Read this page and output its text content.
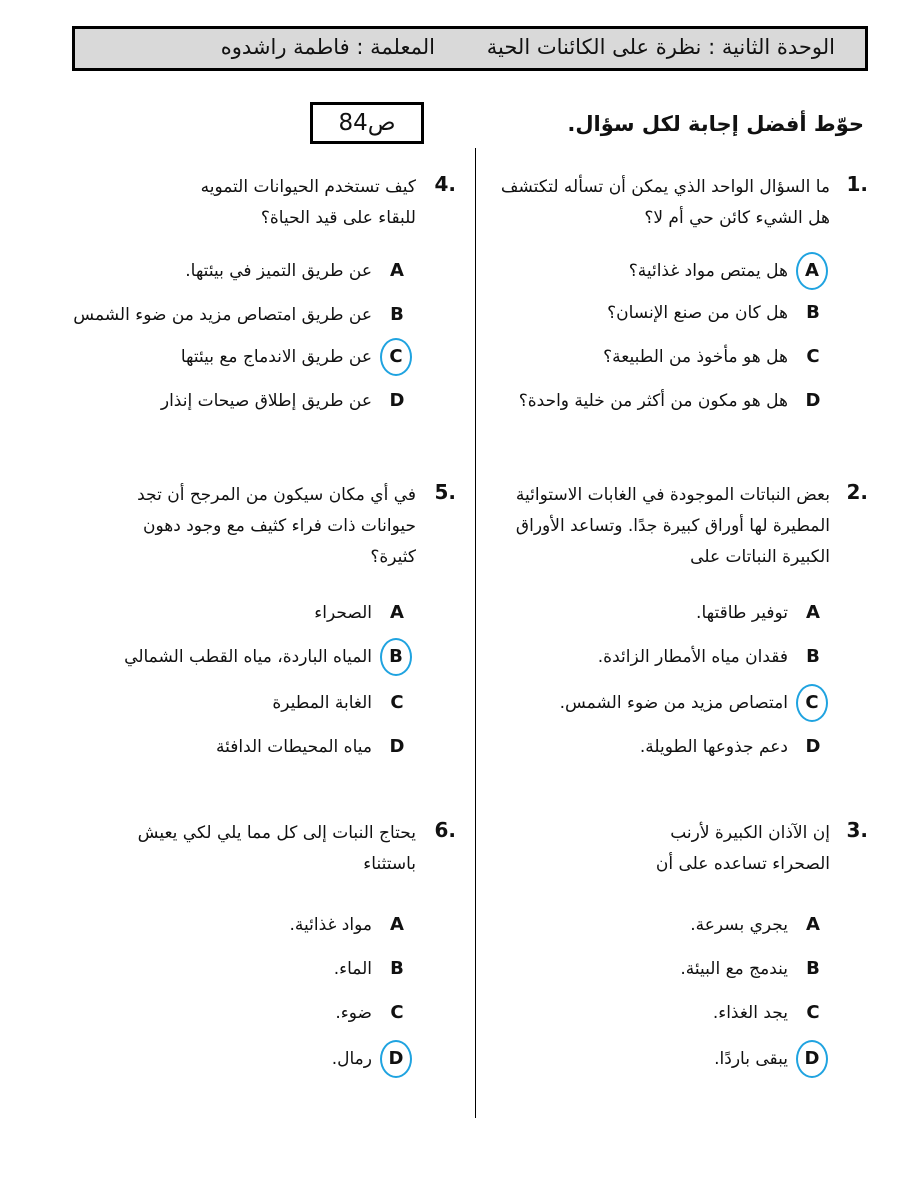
الوحدة الثانية : نظرة على الكائنات الحية
المعلمة : فاطمة راشدوه
ص84	حوّط أفضل إجابة لكل سؤال.
1.
ما السؤال الواحد الذي يمكن أن تسأله لتكتشف هل الشيء كائن حي أم لا؟
A
هل يمتص مواد غذائية؟
B
هل كان من صنع الإنسان؟
C
هل هو مأخوذ من الطبيعة؟
D
هل هو مكون من أكثر من خلية واحدة؟
2.
بعض النباتات الموجودة في الغابات الاستوائية المطيرة لها أوراق كبيرة جدًا. وتساعد الأوراق الكبيرة النباتات على
A
توفير طاقتها.
B
فقدان مياه الأمطار الزائدة.
C
امتصاص مزيد من ضوء الشمس.
D
دعم جذوعها الطويلة.
3.
إن الآذان الكبيرة لأرنب الصحراء تساعده على أن
A
يجري بسرعة.
B
يندمج مع البيئة.
C
يجد الغذاء.
D
يبقى باردًا.
4.
كيف تستخدم الحيوانات التمويه للبقاء على قيد الحياة؟
A
عن طريق التميز في بيئتها.
B
عن طريق امتصاص مزيد من ضوء الشمس
C
عن طريق الاندماج مع بيئتها
D
عن طريق إطلاق صيحات إنذار
5.
في أي مكان سيكون من المرجح أن تجد حيوانات ذات فراء كثيف مع وجود دهون كثيرة؟
A
الصحراء
B
المياه الباردة، مياه القطب الشمالي
C
الغابة المطيرة
D
مياه المحيطات الدافئة
6.
يحتاج النبات إلى كل مما يلي لكي يعيش باستثناء
A
مواد غذائية.
B
الماء.
C
ضوء.
D
رمال.
